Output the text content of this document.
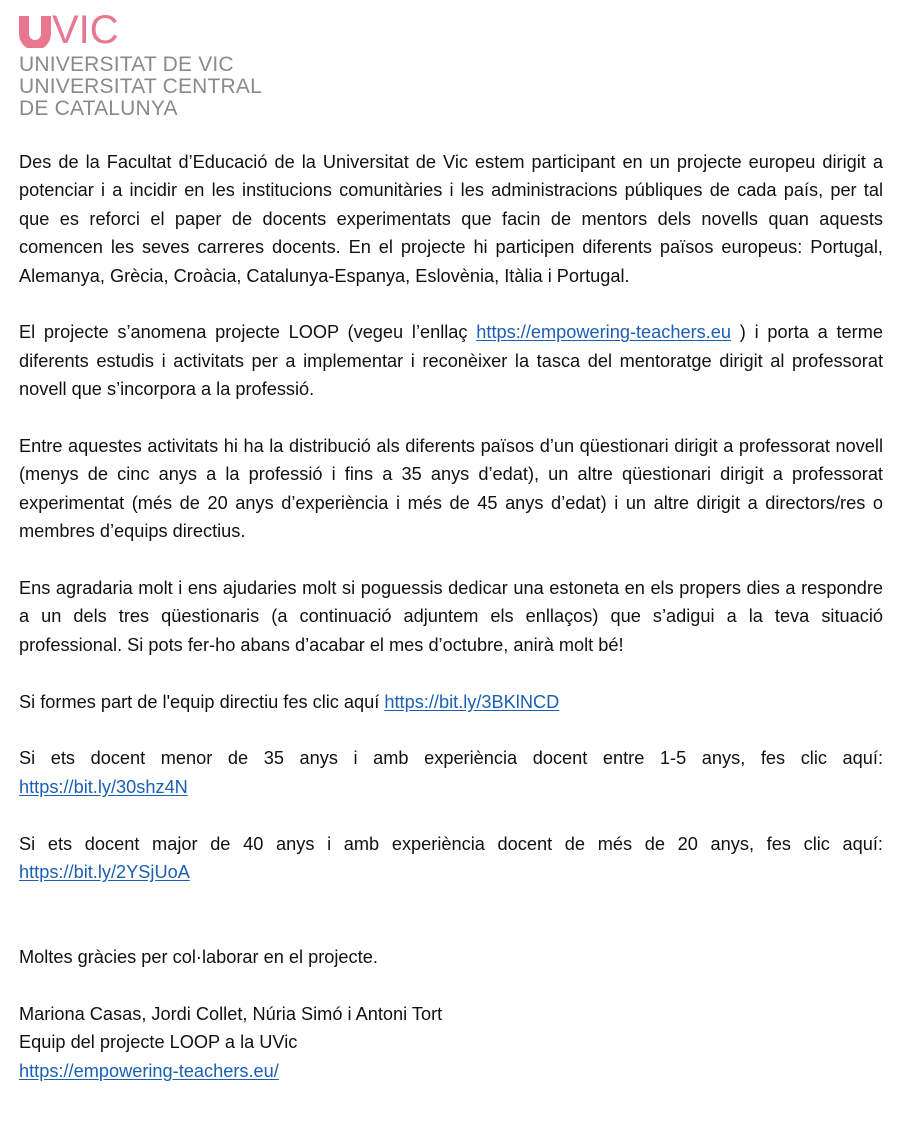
VIC
UNIVERSITAT DE VIC
UNIVERSITAT CENTRAL
DE CATALUNYA

Des de la Facultat d’Educació de la Universitat de Vic estem participant en un projecte europeu dirigit a potenciar i a incidir en les institucions comunitàries i les administracions públiques de cada país, per tal que es reforci el paper de docents experimentats que facin de mentors dels novells quan aquests comencen les seves carreres docents. En el projecte hi participen diferents països europeus: Portugal, Alemanya, Grècia, Croàcia, Catalunya-Espanya, Eslovènia, Itàlia i Portugal.

El projecte s’anomena projecte LOOP (vegeu l’enllaç https://empowering-teachers.eu ) i porta a terme diferents estudis i activitats per a implementar i reconèixer la tasca del mentoratge dirigit al professorat novell que s’incorpora a la professió.

Entre aquestes activitats hi ha la distribució als diferents països d’un qüestionari dirigit a professorat novell (menys de cinc anys a la professió i fins a 35 anys d’edat), un altre qüestionari dirigit a professorat experimentat (més de 20 anys d’experiència i més de 45 anys d’edat) i un altre dirigit a directors/res o membres d’equips directius.

Ens agradaria molt i ens ajudaries molt si poguessis dedicar una estoneta en els propers dies a respondre a un dels tres qüestionaris (a continuació adjuntem els enllaços) que s’adigui a la teva situació professional. Si pots fer-ho abans d’acabar el mes d’octubre, anirà molt bé!

Si formes part de l'equip directiu fes clic aquí https://bit.ly/3BKlNCD

Si ets docent menor de 35 anys i amb experiència docent entre 1-5 anys, fes clic aquí: https://bit.ly/30shz4N

Si ets docent major de 40 anys i amb experiència docent de més de 20 anys, fes clic aquí: https://bit.ly/2YSjUoA

Moltes gràcies per col·laborar en el projecte.

Mariona Casas, Jordi Collet, Núria Simó i Antoni Tort

Equip del projecte LOOP a la UVic

https://empowering-teachers.eu/
